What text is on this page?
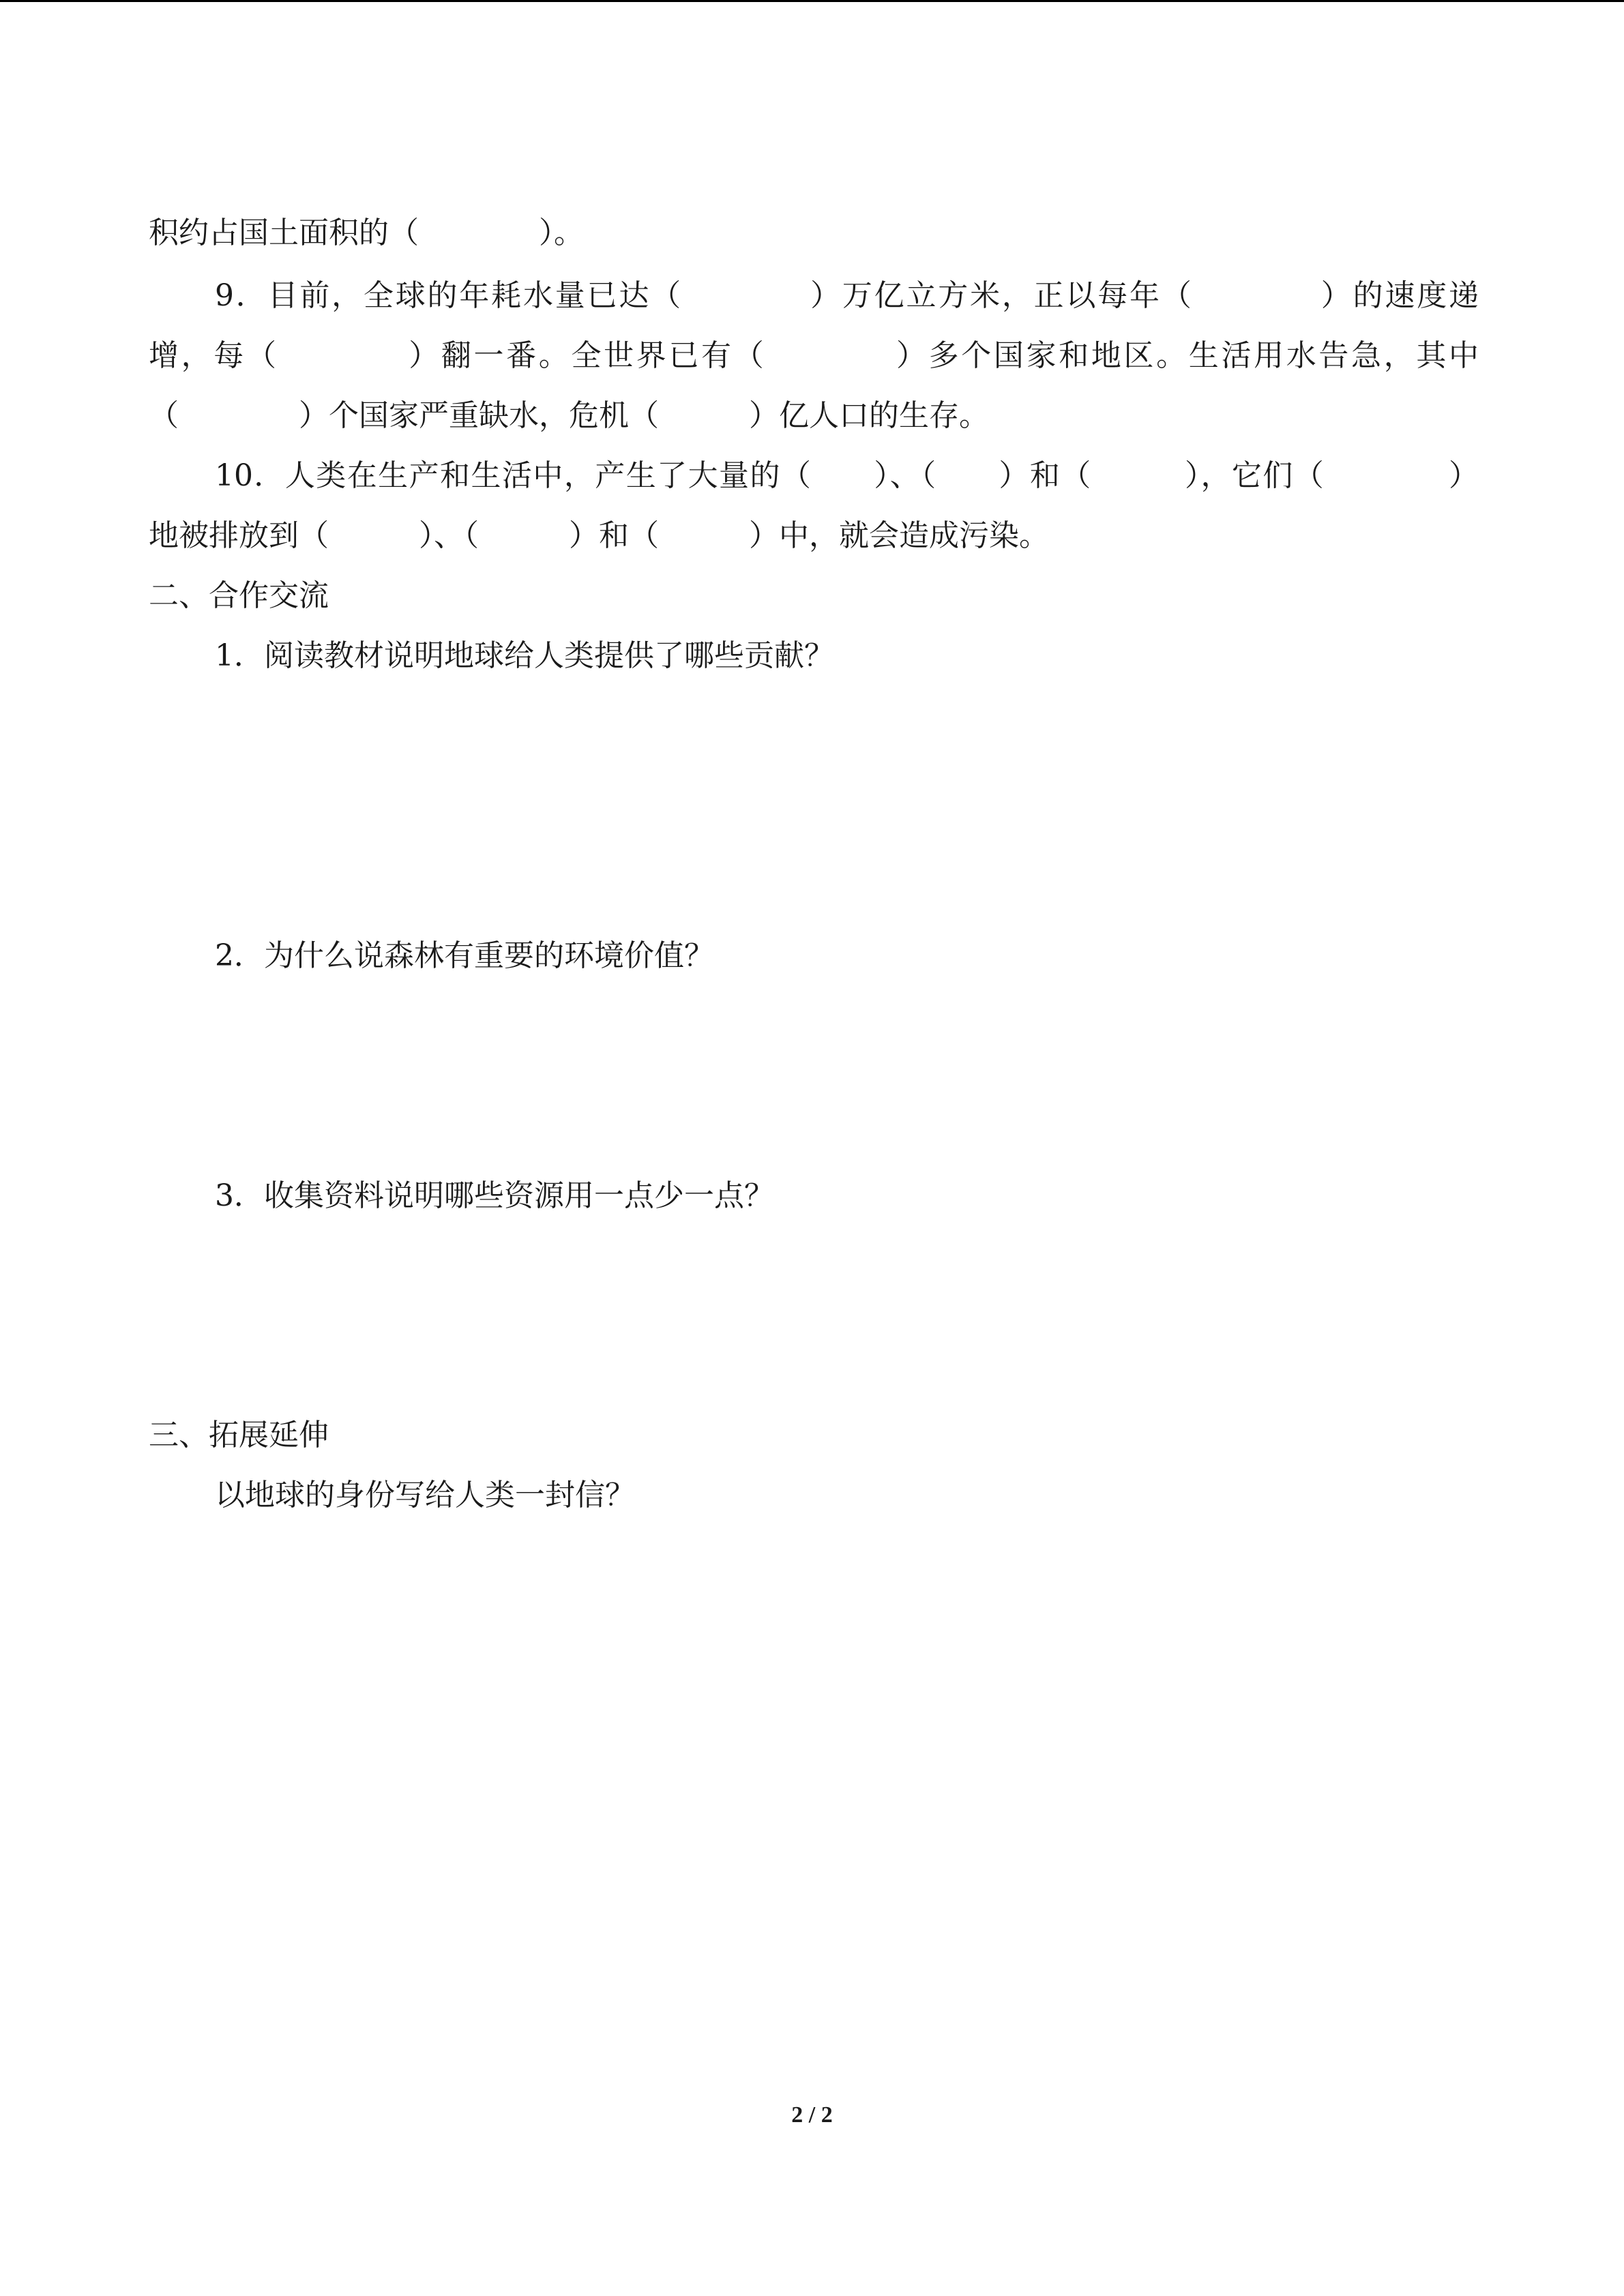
积约占国土面积的（　　　　）。
9．目前，全球的年耗水量已达（　　　　）万亿立方米，正以每年（　　　　）的速度递
增，每（　　　　）翻一番。全世界已有（　　　　）多个国家和地区。生活用水告急，其中
（　　　　）个国家严重缺水，危机（　　　）亿人口的生存。
10．人类在生产和生活中，产生了大量的（　　）、（　　）和（　　　），它们（　　　　）
地被排放到（　　　）、（　　　）和（　　　）中，就会造成污染。
二、合作交流
1．阅读教材说明地球给人类提供了哪些贡献？
2．为什么说森林有重要的环境价值？
3．收集资料说明哪些资源用一点少一点？
三、拓展延伸
以地球的身份写给人类一封信？
2 / 2
